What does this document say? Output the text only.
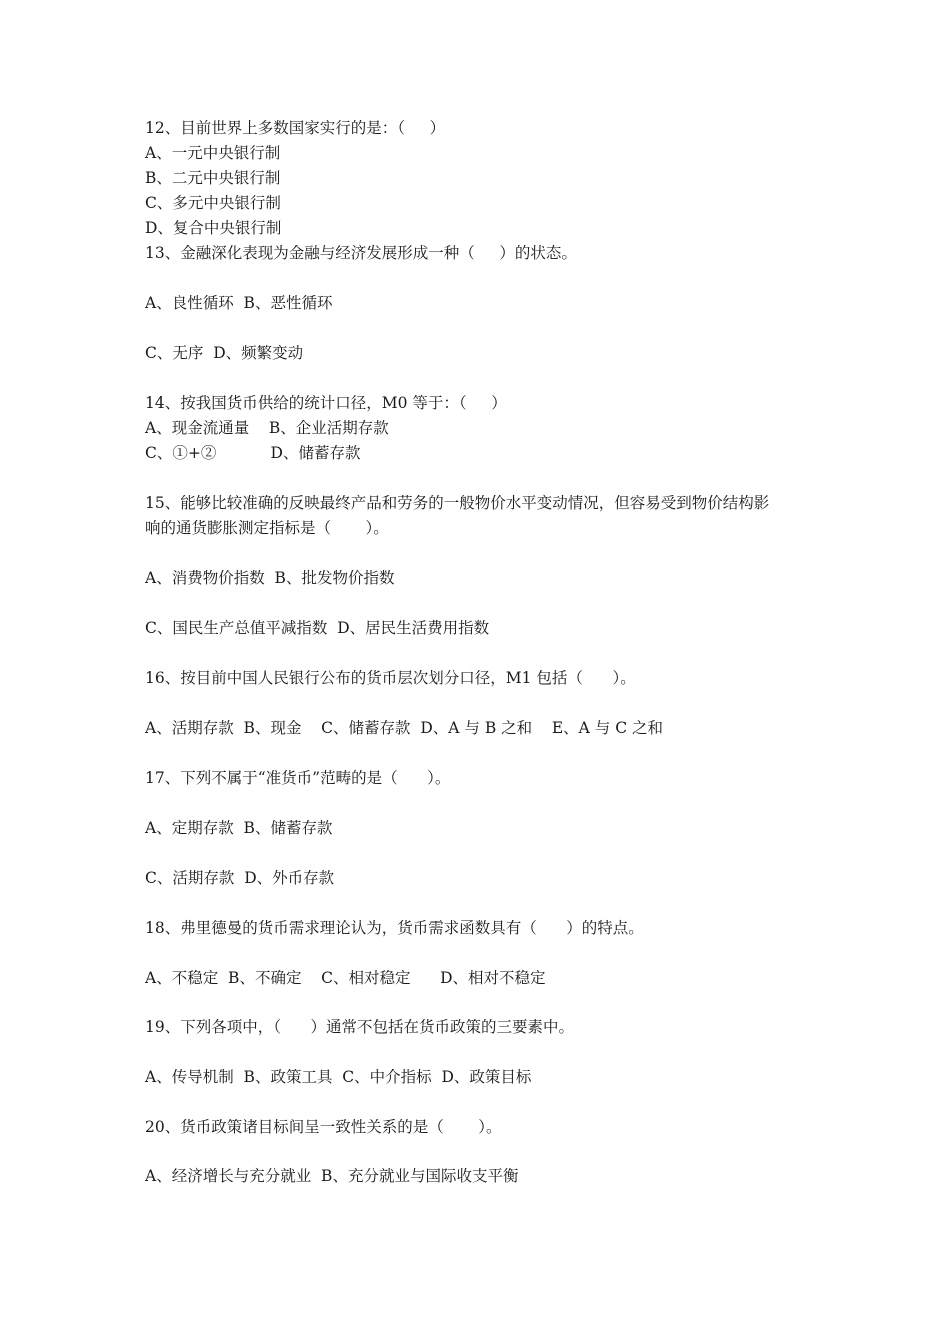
12、目前世界上多数国家实行的是：（     ）
A、一元中央银行制
B、二元中央银行制
C、多元中央银行制
D、复合中央银行制
13、金融深化表现为金融与经济发展形成一种（     ）的状态。
A、良性循环  B、恶性循环
C、无序  D、频繁变动
14、按我国货币供给的统计口径，M0 等于：（     ）
A、现金流通量    B、企业活期存款
C、①+②           D、储蓄存款
15、能够比较准确的反映最终产品和劳务的一般物价水平变动情况，但容易受到物价结构影
响的通货膨胀测定指标是（       ）。
A、消费物价指数  B、批发物价指数
C、国民生产总值平减指数  D、居民生活费用指数
16、按目前中国人民银行公布的货币层次划分口径，M1 包括（      ）。
A、活期存款  B、现金    C、储蓄存款  D、A 与 B 之和    E、A 与 C 之和
17、下列不属于“准货币”范畴的是（      ）。
A、定期存款  B、储蓄存款
C、活期存款  D、外币存款
18、弗里德曼的货币需求理论认为，货币需求函数具有（      ）的特点。
A、不稳定  B、不确定    C、相对稳定      D、相对不稳定
19、下列各项中，（      ）通常不包括在货币政策的三要素中。
A、传导机制  B、政策工具  C、中介指标  D、政策目标
20、货币政策诸目标间呈一致性关系的是（       ）。
A、经济增长与充分就业  B、充分就业与国际收支平衡
